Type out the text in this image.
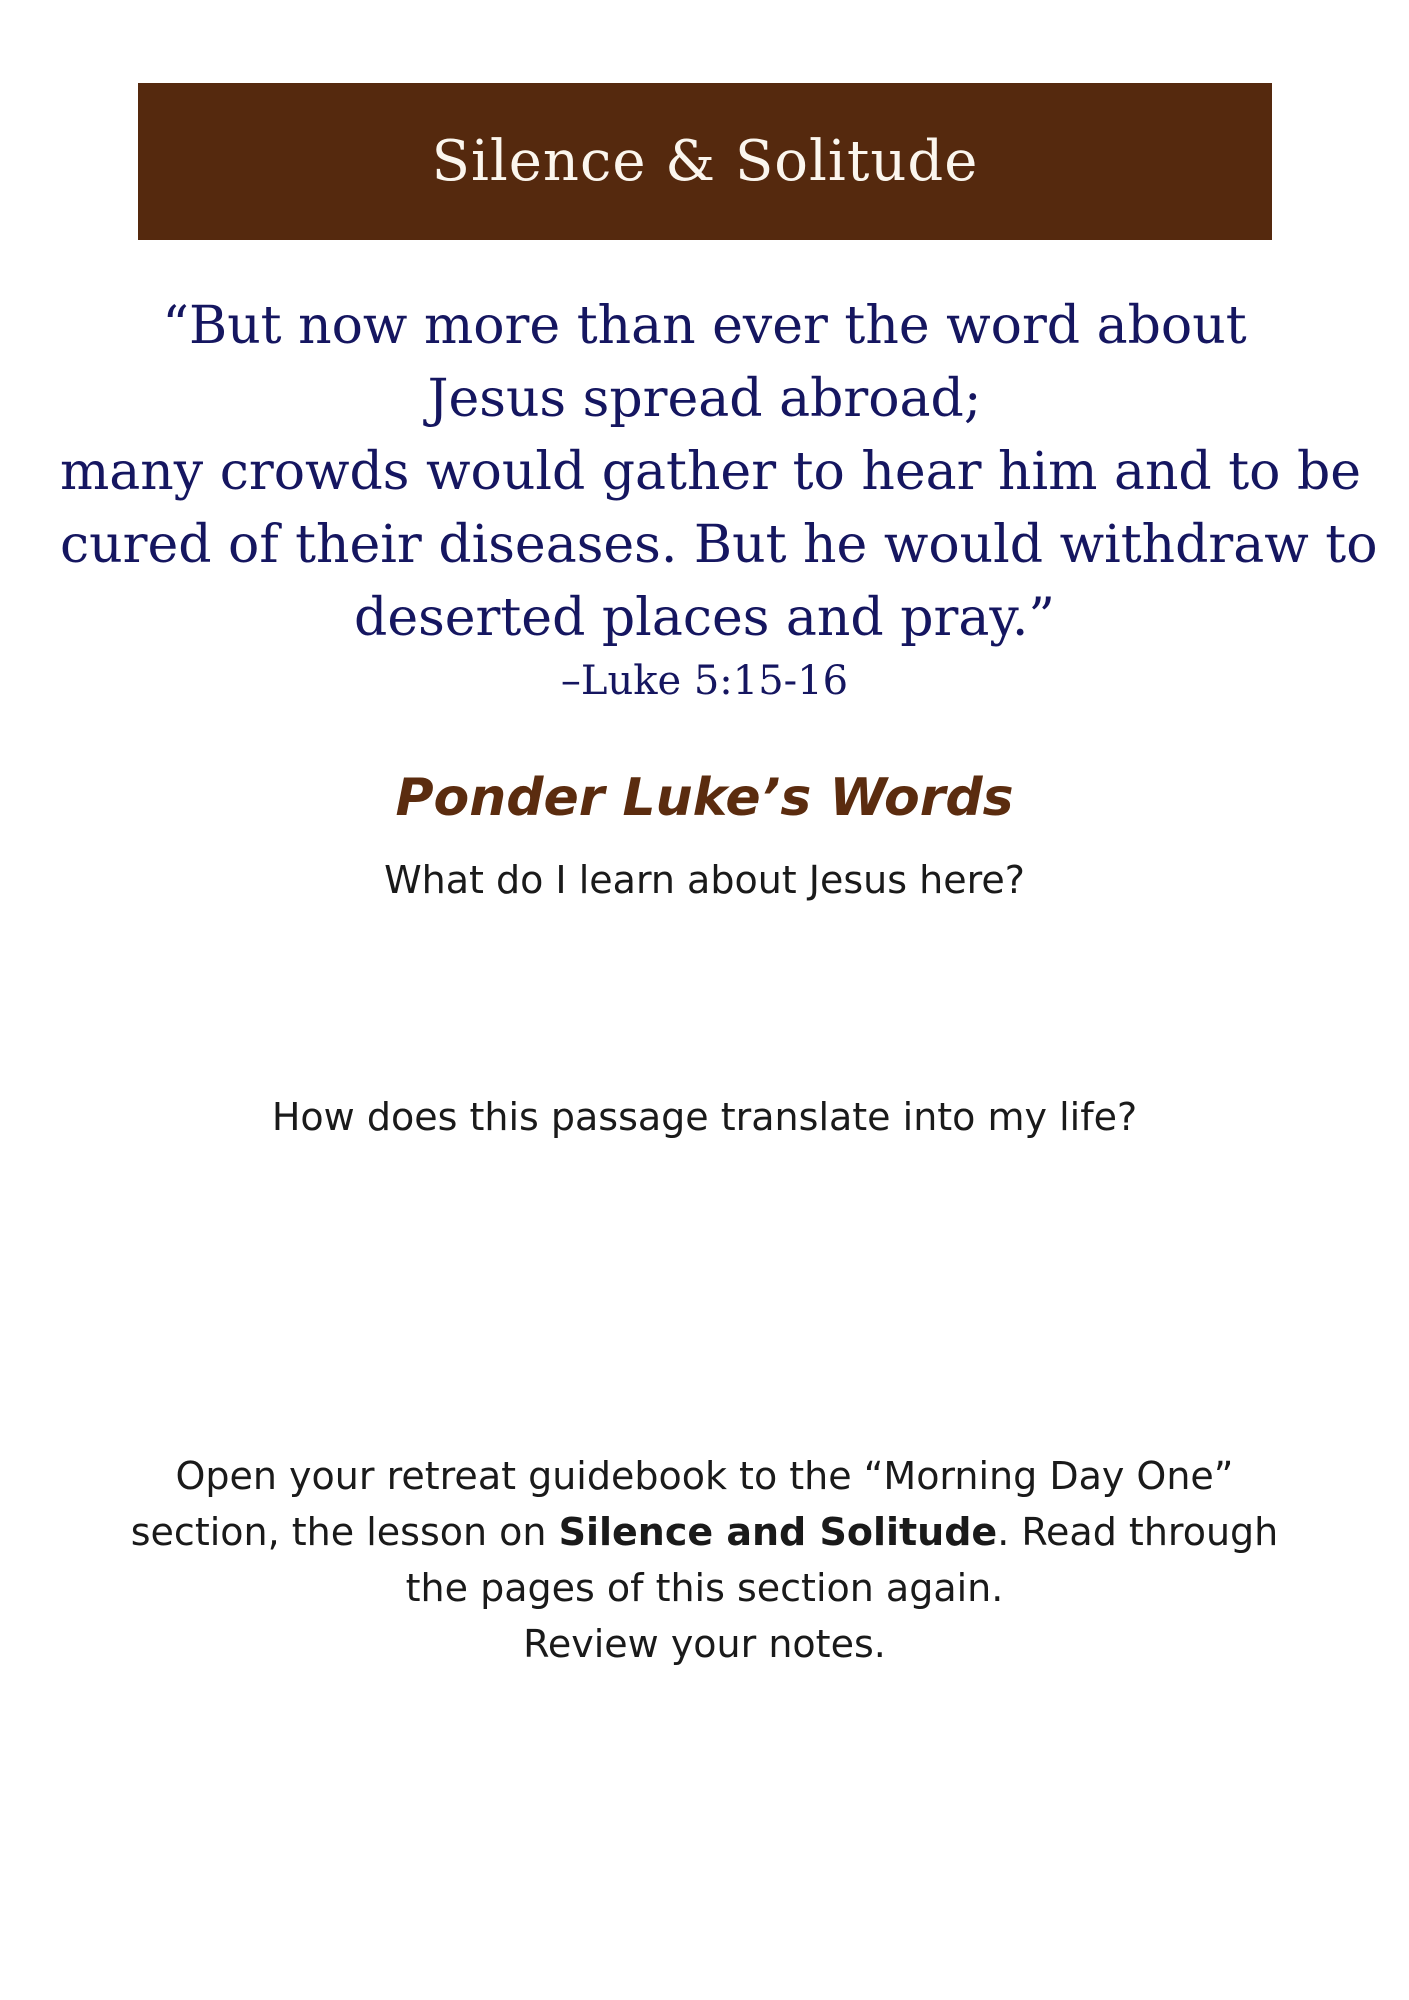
Silence & Solitude
“But now more than ever the word about
Jesus spread abroad;
many crowds would gather to hear him and to be
cured of their diseases. But he would withdraw to
deserted places and pray.”
–Luke 5:15-16
Ponder Luke’s Words
What do I learn about Jesus here?
How does this passage translate into my life?
Open your retreat guidebook to the “Morning Day One”
section, the lesson on Silence and Solitude. Read through
the pages of this section again.
Review your notes.
